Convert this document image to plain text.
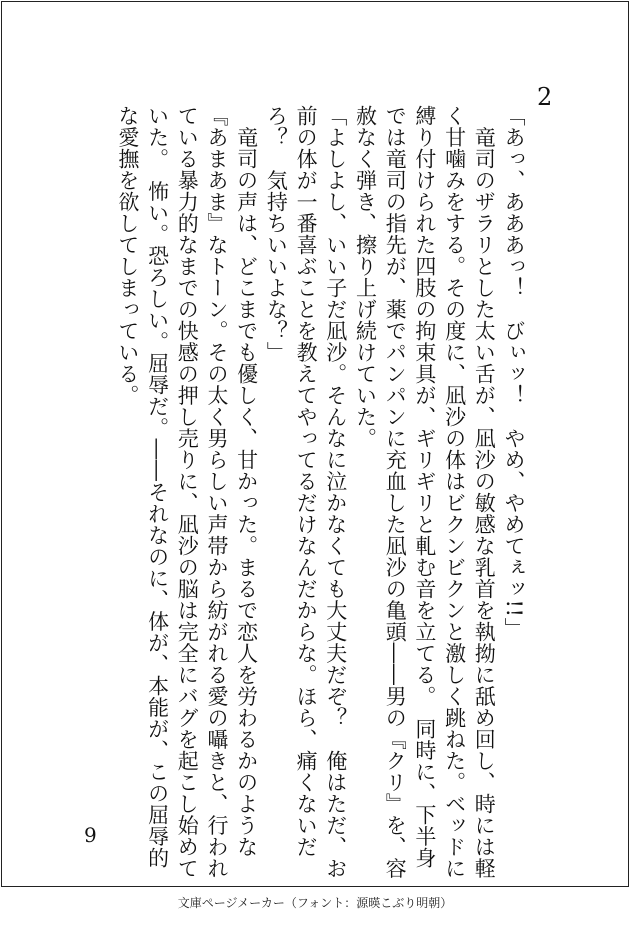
2

「あっ、あああっ！　びぃッ！　やめ、やめてぇッ!!」

　竜司のザラリとした太い舌が、凪沙の敏感な乳首を執拗に舐め回し、時には軽

く甘噛みをする。その度に、凪沙の体はビクンビクンと激しく跳ねた。ベッドに

縛り付けられた四肢の拘束具が、ギリギリと軋む音を立てる。　同時に、下半身

では竜司の指先が、薬でパンパンに充血した凪沙の亀頭――男の『クリ』を、容

赦なく弾き、擦り上げ続けていた。

「よしよし、いい子だ凪沙。そんなに泣かなくても大丈夫だぞ？　俺はただ、お

前の体が一番喜ぶことを教えてやってるだけなんだからな。ほら、痛くないだ

ろ？　気持ちいいよな？」

　竜司の声は、どこまでも優しく、甘かった。まるで恋人を労わるかのような

『あまあま』なトーン。その太く男らしい声帯から紡がれる愛の囁きと、行われ

ている暴力的なまでの快感の押し売りに、凪沙の脳は完全にバグを起こし始めて

いた。　怖い。恐ろしい。屈辱だ。――それなのに、体が、本能が、この屈辱的

な愛撫を欲してしまっている。

9
文庫ページメーカー（フォント：源暎こぶり明朝）
